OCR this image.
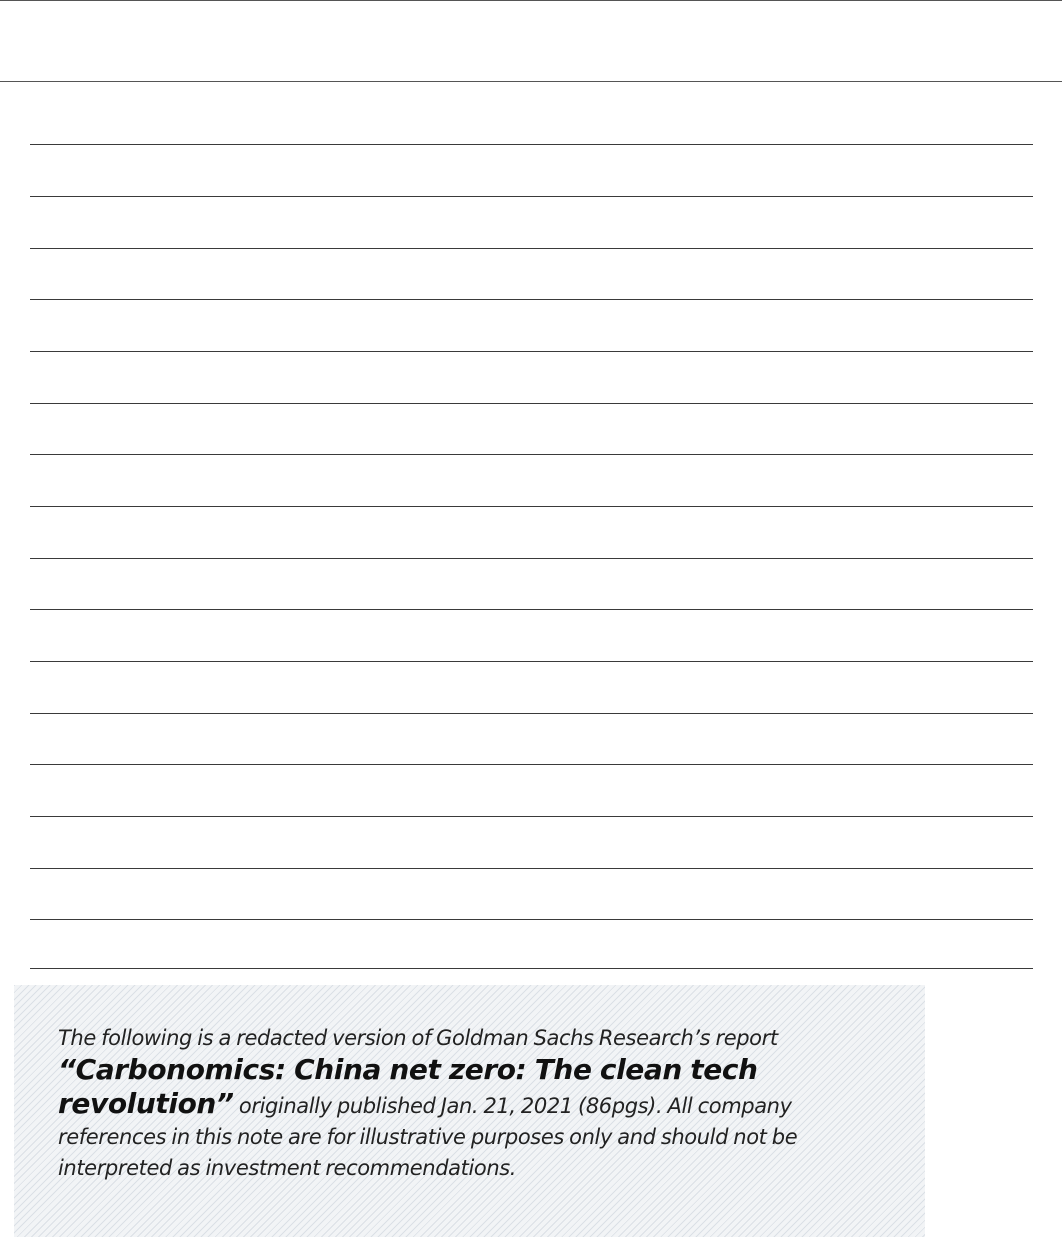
The following is a redacted version of Goldman Sachs Research’s report “Carbonomics: China net zero: The clean tech revolution” originally published Jan. 21, 2021 (86pgs). All company references in this note are for illustrative purposes only and should not be interpreted as investment recommendations.
